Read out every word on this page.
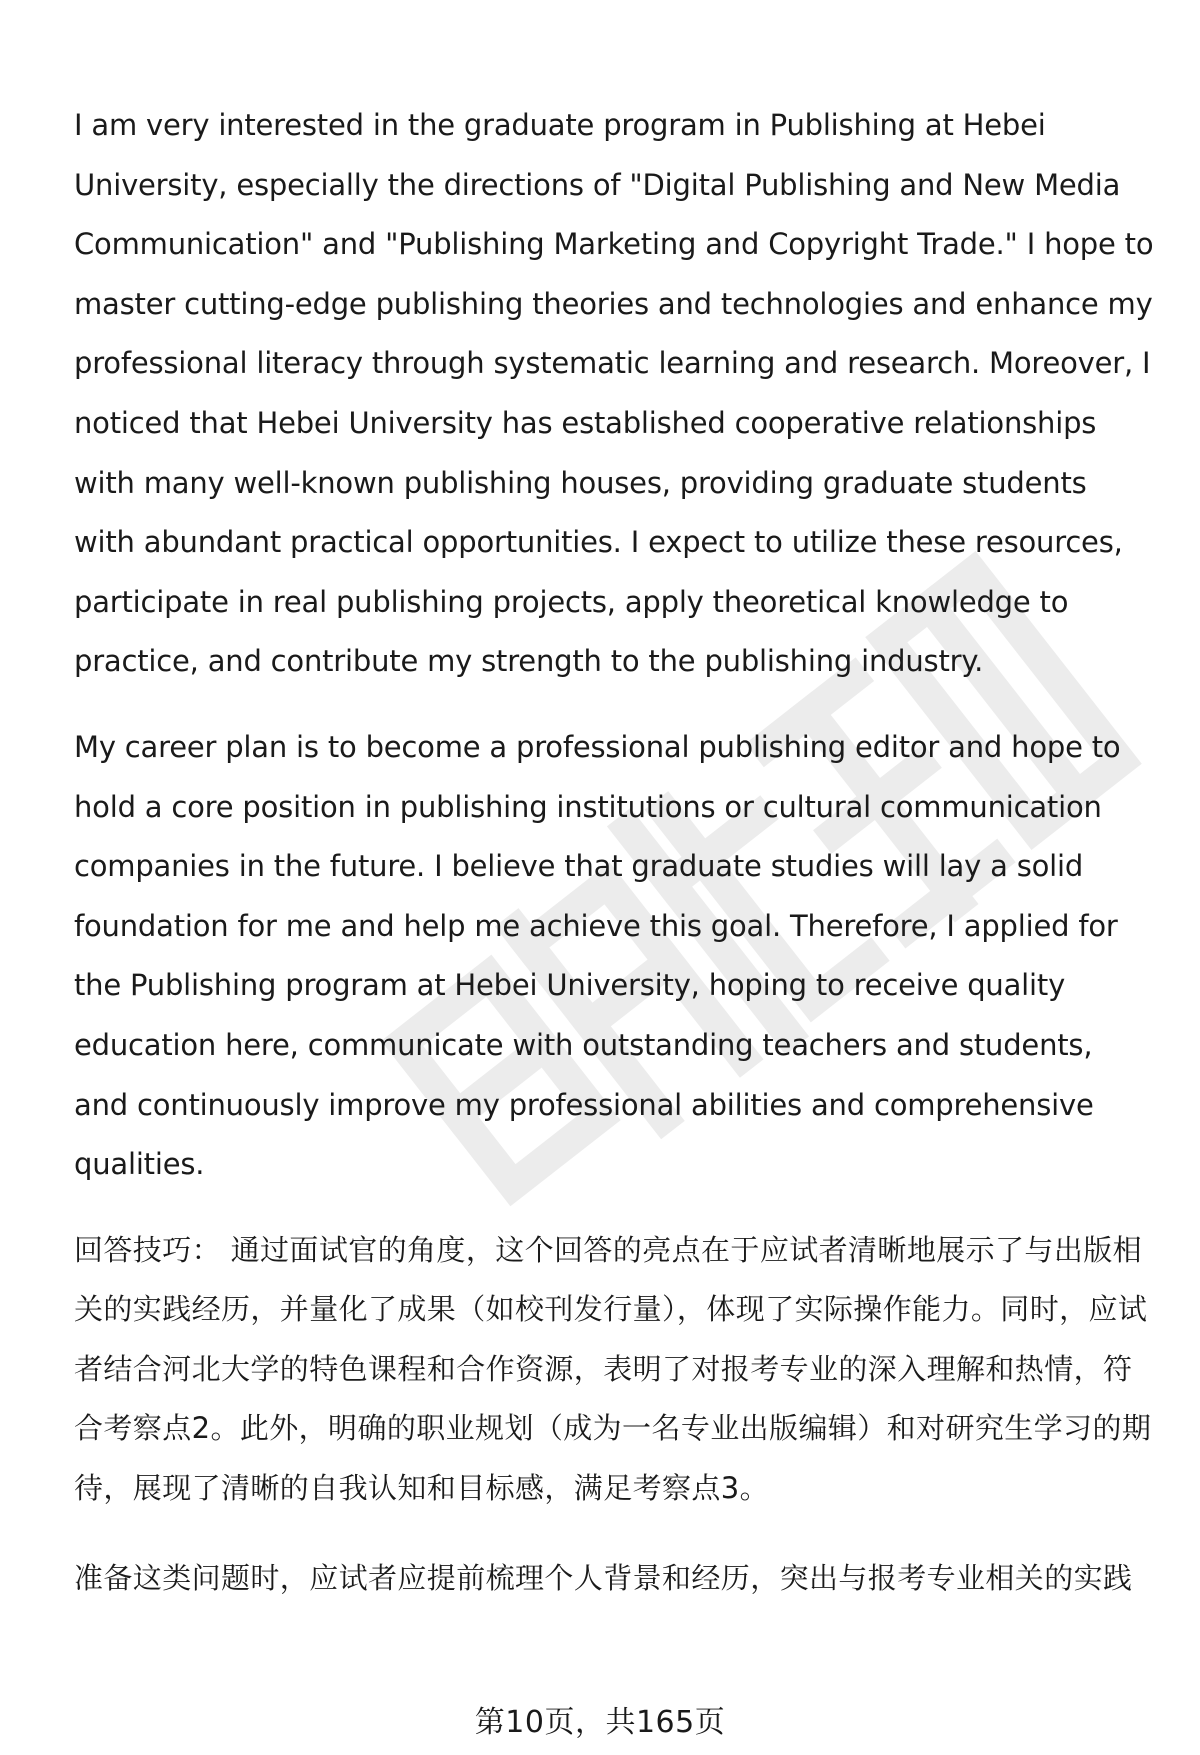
I am very interested in the graduate program in Publishing at Hebei University, especially the directions of "Digital Publishing and New Media Communication" and "Publishing Marketing and Copyright Trade." I hope to master cutting-edge publishing theories and technologies and enhance my professional literacy through systematic learning and research. Moreover, I noticed that Hebei University has established cooperative relationships with many well-known publishing houses, providing graduate students with abundant practical opportunities. I expect to utilize these resources, participate in real publishing projects, apply theoretical knowledge to practice, and contribute my strength to the publishing industry.

My career plan is to become a professional publishing editor and hope to hold a core position in publishing institutions or cultural communication companies in the future. I believe that graduate studies will lay a solid foundation for me and help me achieve this goal. Therefore, I applied for the Publishing program at Hebei University, hoping to receive quality education here, communicate with outstanding teachers and students, and continuously improve my professional abilities and comprehensive qualities.

回答技巧： 通过面试官的角度，这个回答的亮点在于应试者清晰地展示了与出版相关的实践经历，并量化了成果（如校刊发行量），体现了实际操作能力。同时，应试者结合河北大学的特色课程和合作资源，表明了对报考专业的深入理解和热情，符合考察点2。此外，明确的职业规划（成为一名专业出版编辑）和对研究生学习的期待，展现了清晰的自我认知和目标感，满足考察点3。

准备这类问题时，应试者应提前梳理个人背景和经历，突出与报考专业相关的实践

第10页，共165页
